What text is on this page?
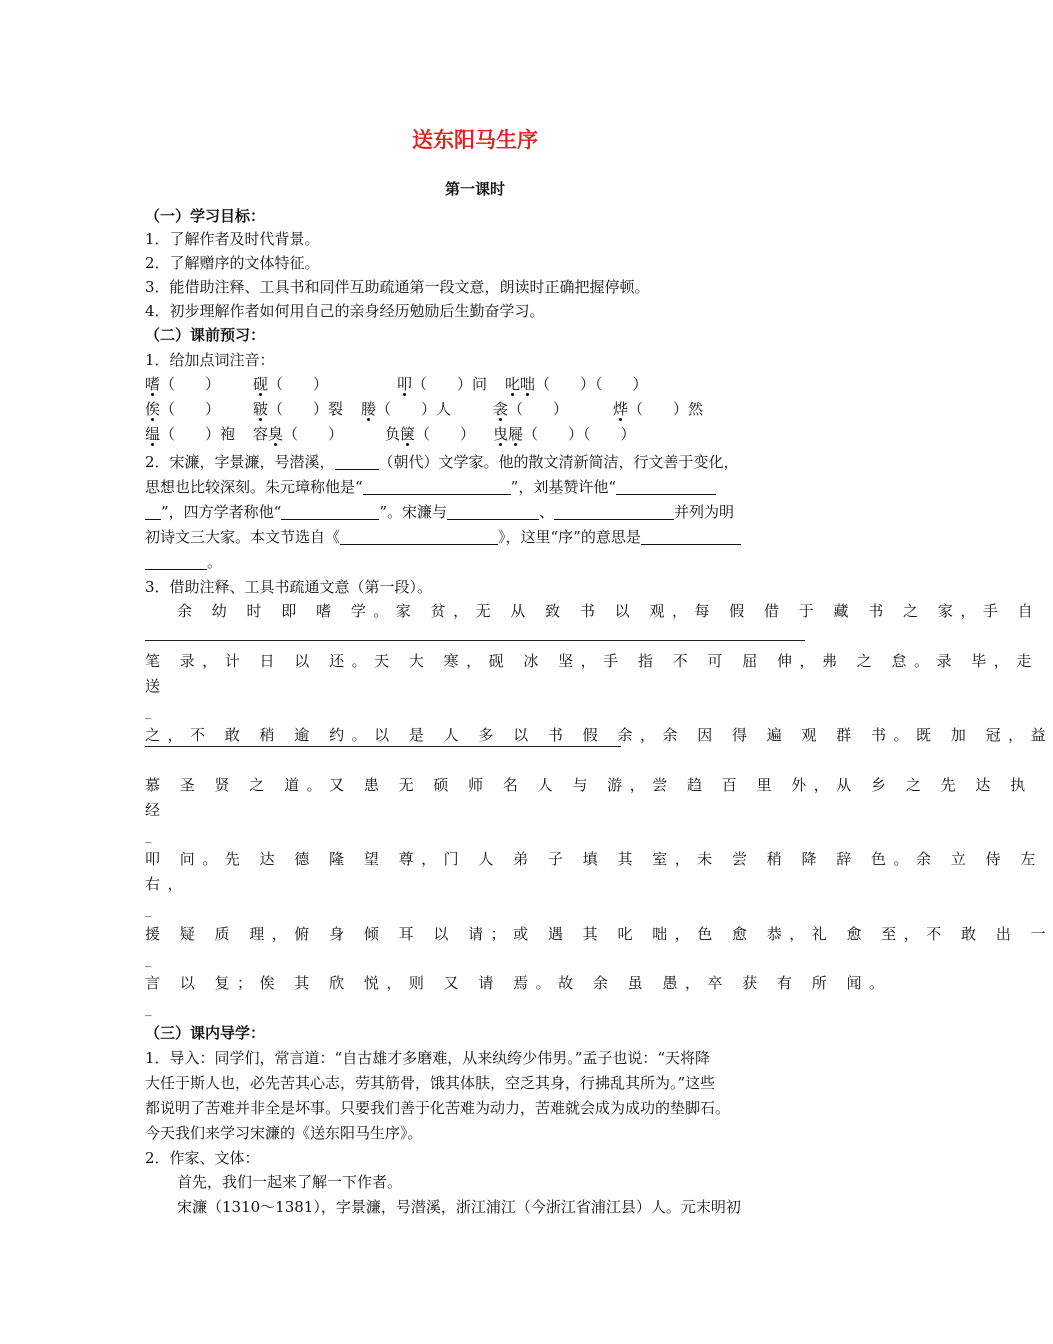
送东阳马生序
第一课时
（一）学习目标：
1．了解作者及时代背景。
2．了解赠序的文体特征。
3．能借助注释、工具书和同伴互助疏通第一段文意，朗读时正确把握停顿。
4．初步理解作者如何用自己的亲身经历勉励后生勤奋学习。
（二）课前预习：
1．给加点词注音：
嗜（　　） 砚（　　）	叩（　　）问 叱咄（　　）（　　）
俟（　　） 皲（　　）裂 媵（　　）人	衾（　　）	烨（　　）然
缊（　　）袍 容臭（　　）	负箧（　　） 曳屣（　　）（　　）
2．宋濂，字景濂，号潜溪，	（朝代）文学家。他的散文清新简洁，行文善于变化，
思想也比较深刻。朱元璋称他是“	”，刘基赞许他“
”，四方学者称他“	”。宋濂与	、	并列为明
初诗文三大家。本文节选自《	》，这里“序”的意思是
。
3．借助注释、工具书疏通文意（第一段）。
余 幼 时 即 嗜 学。家 贫，无 从 致 书 以 观，每 假 借 于 藏 书 之 家，手 自
笔 录，计 日 以 还。天 大 寒，砚 冰 坚，手 指 不 可 屈 伸，弗 之 怠。录 毕，走
送
_
之，不 敢 稍 逾 约。以 是 人 多 以 书 假 余，余 因 得 遍 观 群 书。既 加 冠，益
慕 圣 贤 之 道。又 患 无 硕 师 名 人 与 游，尝 趋 百 里 外，从 乡 之 先 达 执
经
_
叩 问。先 达 德 隆 望 尊，门 人 弟 子 填 其 室，未 尝 稍 降 辞 色。余 立 侍 左
右，
_
援 疑 质 理，俯 身 倾 耳 以 请；或 遇 其 叱 咄，色 愈 恭，礼 愈 至，不 敢 出 一
_
言 以 复；俟 其 欣 悦，则 又 请 焉。故 余 虽 愚，卒 获 有 所 闻。
_
（三）课内导学：
1．导入：同学们，常言道：“自古雄才多磨难，从来纨绔少伟男。”孟子也说：“天将降
大任于斯人也，必先苦其心志，劳其筋骨，饿其体肤，空乏其身，行拂乱其所为。”这些
都说明了苦难并非全是坏事。只要我们善于化苦难为动力，苦难就会成为成功的垫脚石。
今天我们来学习宋濂的《送东阳马生序》。
2．作家、文体：
首先，我们一起来了解一下作者。
宋濂（1310～1381），字景濂，号潜溪，浙江浦江（今浙江省浦江县）人。元末明初
